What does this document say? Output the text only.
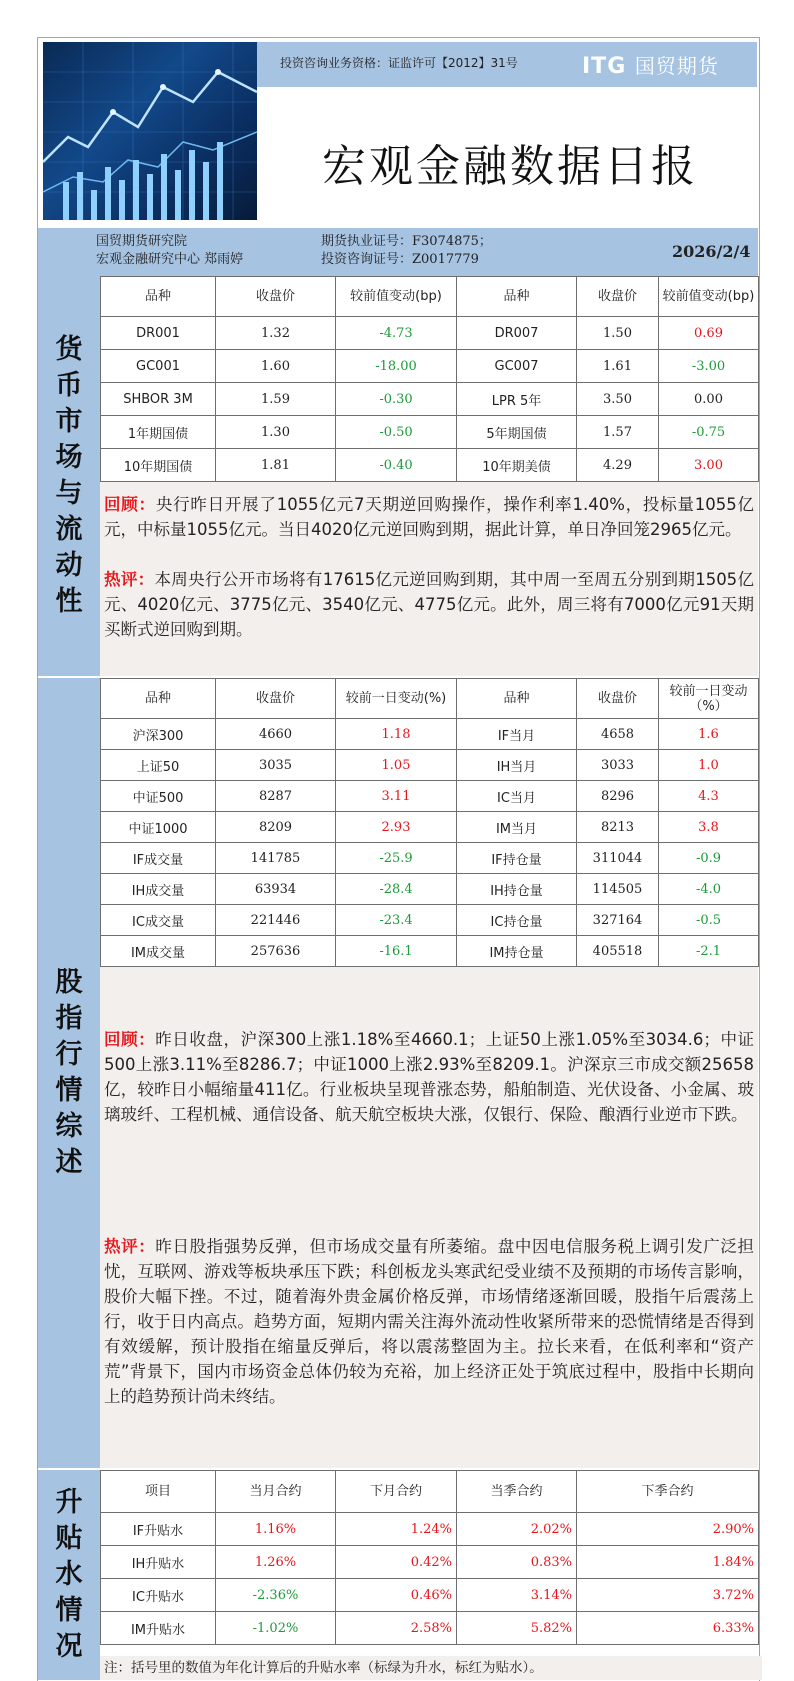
投资咨询业务资格：证监许可【2012】31号	ITG 国贸期货
宏观金融数据日报
国贸期货研究院
宏观金融研究中心 郑雨婷
期货执业证号：F3074875；
投资咨询证号：Z0017779	2026/2/4
货
币
市
场
与
流
动
性
品种	收盘价	较前值变动(bp)	品种	收盘价	较前值变动(bp)
DR001	1.32	-4.73	DR007	1.50	0.69
GC001	1.60	-18.00	GC007	1.61	-3.00
SHBOR 3M	1.59	-0.30	LPR 5年	3.50	0.00
1年期国债	1.30	-0.50	5年期国债	1.57	-0.75
10年期国债	1.81	-0.40	10年期美债	4.29	3.00
回顾：央行昨日开展了1055亿元7天期逆回购操作，操作利率1.40%，投标量1055亿元，中标量1055亿元。当日4020亿元逆回购到期，据此计算，单日净回笼2965亿元。
热评：本周央行公开市场将有17615亿元逆回购到期，其中周一至周五分别到期1505亿元、4020亿元、3775亿元、3540亿元、4775亿元。此外，周三将有7000亿元91天期买断式逆回购到期。
股
指
行
情
综
述
品种	收盘价	较前一日变动(%)	品种	收盘价	较前一日变动（%）
沪深300	4660	1.18	IF当月	4658	1.6
上证50	3035	1.05	IH当月	3033	1.0
中证500	8287	3.11	IC当月	8296	4.3
中证1000	8209	2.93	IM当月	8213	3.8
IF成交量	141785	-25.9	IF持仓量	311044	-0.9
IH成交量	63934	-28.4	IH持仓量	114505	-4.0
IC成交量	221446	-23.4	IC持仓量	327164	-0.5
IM成交量	257636	-16.1	IM持仓量	405518	-2.1
回顾：昨日收盘，沪深300上涨1.18%至4660.1；上证50上涨1.05%至3034.6；中证500上涨3.11%至8286.7；中证1000上涨2.93%至8209.1。沪深京三市成交额25658亿，较昨日小幅缩量411亿。行业板块呈现普涨态势，船舶制造、光伏设备、小金属、玻璃玻纤、工程机械、通信设备、航天航空板块大涨，仅银行、保险、酿酒行业逆市下跌。
热评：昨日股指强势反弹，但市场成交量有所萎缩。盘中因电信服务税上调引发广泛担忧，互联网、游戏等板块承压下跌；科创板龙头寒武纪受业绩不及预期的市场传言影响，股价大幅下挫。不过，随着海外贵金属价格反弹，市场情绪逐渐回暖，股指午后震荡上行，收于日内高点。趋势方面，短期内需关注海外流动性收紧所带来的恐慌情绪是否得到有效缓解，预计股指在缩量反弹后，将以震荡整固为主。拉长来看，在低利率和“资产荒”背景下，国内市场资金总体仍较为充裕，加上经济正处于筑底过程中，股指中长期向上的趋势预计尚未终结。
升
贴
水
情
况
项目	当月合约	下月合约	当季合约	下季合约
IF升贴水	1.16%	1.24%	2.02%	2.90%
IH升贴水	1.26%	0.42%	0.83%	1.84%
IC升贴水	-2.36%	0.46%	3.14%	3.72%
IM升贴水	-1.02%	2.58%	5.82%	6.33%
注：括号里的数值为年化计算后的升贴水率（标绿为升水，标红为贴水）。
